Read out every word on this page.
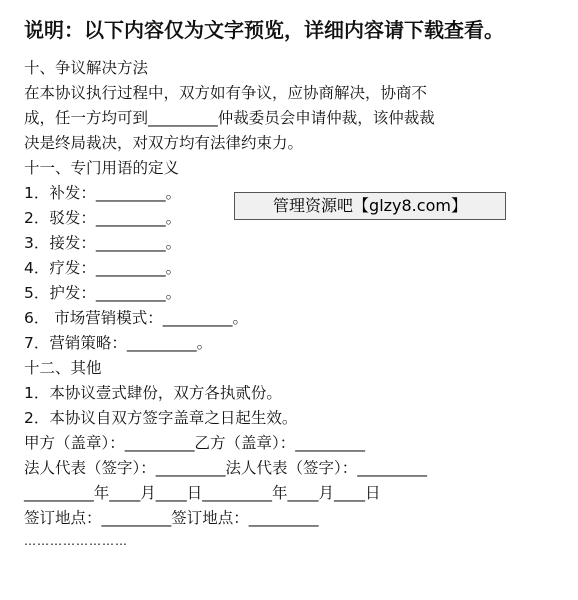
说明：以下内容仅为文字预览，详细内容请下载查看。
十、争议解决方法
在本协议执行过程中，双方如有争议，应协商解决，协商不
成，任一方均可到_________仲裁委员会申请仲裁，该仲裁裁
决是终局裁决，对双方均有法律约束力。
十一、专门用语的定义
1．补发：_________。
2．驳发：_________。
3．接发：_________。
4．疗发：_________。
5．护发：_________。
6． 市场营销模式：_________。
7．营销策略：_________。
十二、其他
1．本协议壹式肆份，双方各执贰份。
2．本协议自双方签字盖章之日起生效。
甲方（盖章）：_________乙方（盖章）：_________
法人代表（签字）：_________法人代表（签字）：_________
_________年____月____日_________年____月____日
签订地点：_________签订地点：_________
管理资源吧【glzy8.com】
……………………
